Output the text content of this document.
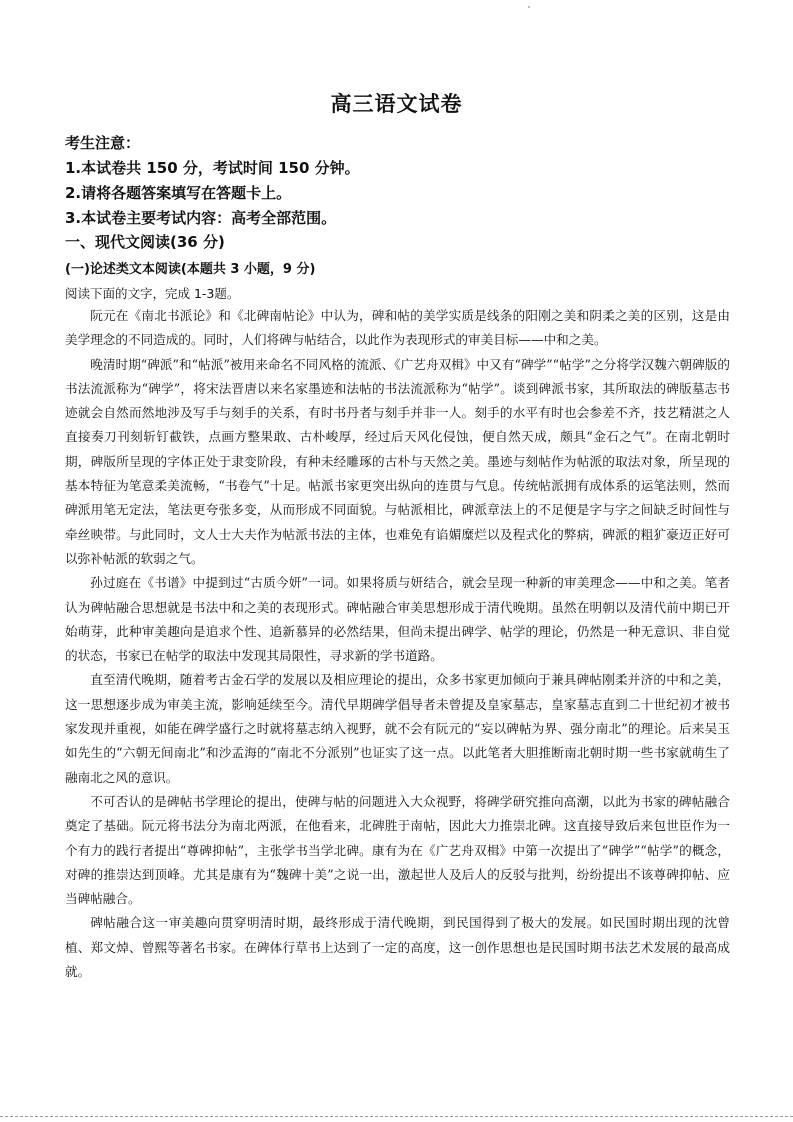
高三语文试卷
考生注意：
1.本试卷共 150 分，考试时间 150 分钟。
2.请将各题答案填写在答题卡上。
3.本试卷主要考试内容：高考全部范围。
一、现代文阅读(36 分)
(一)论述类文本阅读(本题共 3 小题，9 分)
阅读下面的文字，完成 1-3题。

阮元在《南北书派论》和《北碑南帖论》中认为，碑和帖的美学实质是线条的阳刚之美和阴柔之美的区别，这是由美学理念的不同造成的。同时，人们将碑与帖结合，以此作为表现形式的审美目标——中和之美。

晚清时期“碑派”和“帖派”被用来命名不同风格的流派、《广艺舟双楫》中又有“碑学”“帖学”之分将学汉魏六朝碑版的书法流派称为“碑学”，将宋法晋唐以来名家墨迹和法帖的书法流派称为“帖学”。谈到碑派书家，其所取法的碑版墓志书迹就会自然而然地涉及写手与刻手的关系，有时书丹者与刻手并非一人。刻手的水平有时也会参差不齐，技艺精湛之人直接奏刀刊刻斩钉截铁，点画方整果敢、古朴峻厚，经过后天风化侵蚀，便自然天成，颇具“金石之气”。在南北朝时期，碑版所呈现的字体正处于隶变阶段，有种未经雕琢的古朴与天然之美。墨迹与刻帖作为帖派的取法对象，所呈现的基本特征为笔意柔美流畅，“书卷气”十足。帖派书家更突出纵向的连贯与气息。传统帖派拥有成体系的运笔法则，然而碑派用笔无定法，笔法更夸张多变，从而形成不同面貌。与帖派相比，碑派章法上的不足便是字与字之间缺乏时间性与牵丝映带。与此同时，文人士大夫作为帖派书法的主体，也难免有谄媚糜烂以及程式化的弊病，碑派的粗犷豪迈正好可以弥补帖派的软弱之气。

孙过庭在《书谱》中提到过“古质今妍”一词。如果将质与妍结合，就会呈现一种新的审美理念——中和之美。笔者认为碑帖融合思想就是书法中和之美的表现形式。碑帖融合审美思想形成于清代晚期。虽然在明朝以及清代前中期已开始萌芽，此种审美趣向是追求个性、追新慕异的必然结果，但尚未提出碑学、帖学的理论，仍然是一种无意识、非自觉的状态，书家已在帖学的取法中发现其局限性，寻求新的学书道路。

直至清代晚期，随着考古金石学的发展以及相应理论的提出，众多书家更加倾向于兼具碑帖刚柔并济的中和之美，这一思想逐步成为审美主流，影响延续至今。清代早期碑学倡导者未曾提及皇家墓志，皇家墓志直到二十世纪初才被书家发现并重视，如能在碑学盛行之时就将墓志纳入视野，就不会有阮元的“妄以碑帖为界、强分南北”的理论。后来吴玉如先生的“六朝无间南北”和沙孟海的“南北不分派别”也证实了这一点。以此笔者大胆推断南北朝时期一些书家就萌生了融南北之风的意识。

不可否认的是碑帖书学理论的提出，使碑与帖的问题进入大众视野，将碑学研究推向高潮，以此为书家的碑帖融合奠定了基础。阮元将书法分为南北两派，在他看来，北碑胜于南帖，因此大力推崇北碑。这直接导致后来包世臣作为一个有力的践行者提出“尊碑抑帖”，主张学书当学北碑。康有为在《广艺舟双楫》中第一次提出了“碑学”“帖学”的概念，对碑的推崇达到顶峰。尤其是康有为“魏碑十美”之说一出，激起世人及后人的反驳与批判，纷纷提出不该尊碑抑帖、应当碑帖融合。

碑帖融合这一审美趣向贯穿明清时期，最终形成于清代晚期，到民国得到了极大的发展。如民国时期出现的沈曾植、郑文焯、曾熙等著名书家。在碑体行草书上达到了一定的高度，这一创作思想也是民国时期书法艺术发展的最高成就。
